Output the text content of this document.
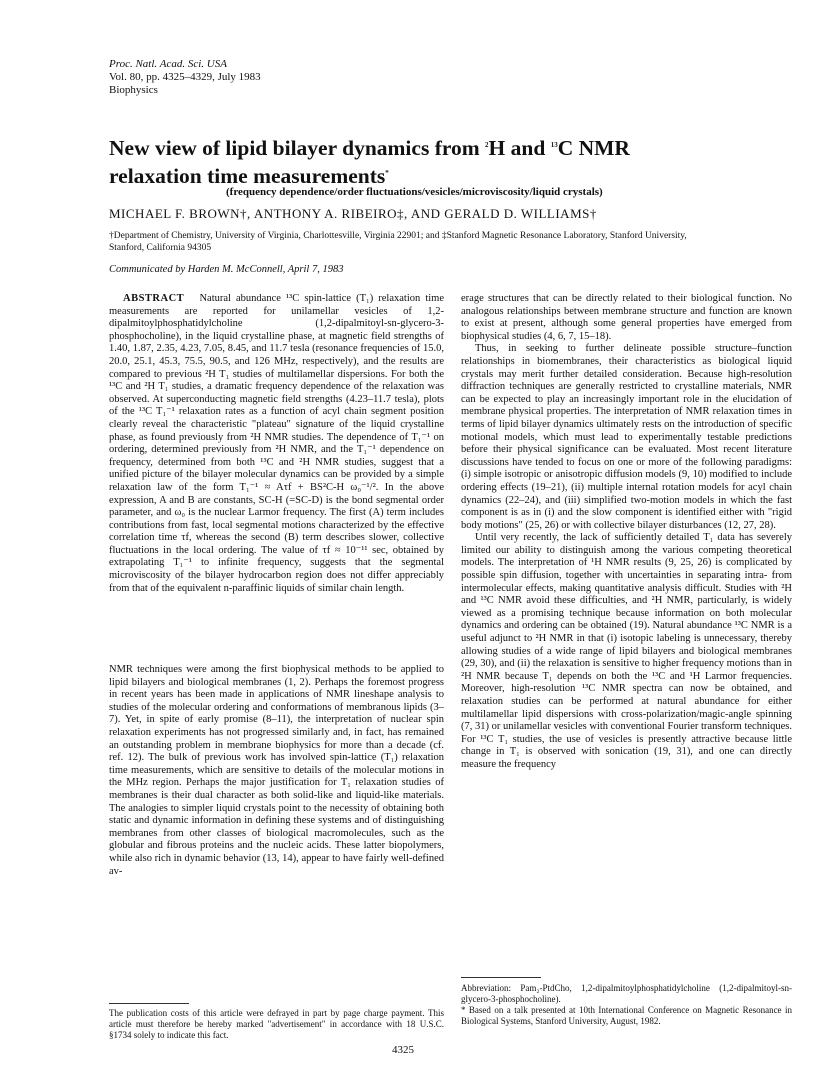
Proc. Natl. Acad. Sci. USA
Vol. 80, pp. 4325–4329, July 1983
Biophysics
New view of lipid bilayer dynamics from $^2$H and $^{13}$C NMR
relaxation time measurements*
(frequency dependence/order fluctuations/vesicles/microviscosity/liquid crystals)
MICHAEL F. BROWN†, ANTHONY A. RIBEIRO‡, AND GERALD D. WILLIAMS†
†Department of Chemistry, University of Virginia, Charlottesville, Virginia 22901; and ‡Stanford Magnetic Resonance Laboratory, Stanford University, Stanford, California 94305
Communicated by Harden M. McConnell, April 7, 1983

ABSTRACT Natural abundance ¹³C spin-lattice (T₁) relaxation time measurements are reported for unilamellar vesicles of 1,2-dipalmitoylphosphatidylcholine (1,2-dipalmitoyl-sn-glycero-3-phosphocholine), in the liquid crystalline phase, at magnetic field strengths of 1.40, 1.87, 2.35, 4.23, 7.05, 8.45, and 11.7 tesla (resonance frequencies of 15.0, 20.0, 25.1, 45.3, 75.5, 90.5, and 126 MHz, respectively), and the results are compared to previous ²H T₁ studies of multilamellar dispersions. For both the ¹³C and ²H T₁ studies, a dramatic frequency dependence of the relaxation was observed. At superconducting magnetic field strengths (4.23–11.7 tesla), plots of the ¹³C T₁⁻¹ relaxation rates as a function of acyl chain segment position clearly reveal the characteristic "plateau" signature of the liquid crystalline phase, as found previously from ²H NMR studies. The dependence of T₁⁻¹ on ordering, determined previously from ²H NMR, and the T₁⁻¹ dependence on frequency, determined from both ¹³C and ²H NMR studies, suggest that a unified picture of the bilayer molecular dynamics can be provided by a simple relaxation law of the form T₁⁻¹ ≈ Aτf + BS²C-H ω₀⁻¹/². In the above expression, A and B are constants, SC-H (=SC-D) is the bond segmental order parameter, and ω₀ is the nuclear Larmor frequency. The first (A) term includes contributions from fast, local segmental motions characterized by the effective correlation time τf, whereas the second (B) term describes slower, collective fluctuations in the local ordering. The value of τf ≈ 10⁻¹¹ sec, obtained by extrapolating T₁⁻¹ to infinite frequency, suggests that the segmental microviscosity of the bilayer hydrocarbon region does not differ appreciably from that of the equivalent n-paraffinic liquids of similar chain length.

NMR techniques were among the first biophysical methods to be applied to lipid bilayers and biological membranes (1, 2). Perhaps the foremost progress in recent years has been made in applications of NMR lineshape analysis to studies of the molecular ordering and conformations of membranous lipids (3–7). Yet, in spite of early promise (8–11), the interpretation of nuclear spin relaxation experiments has not progressed similarly and, in fact, has remained an outstanding problem in membrane biophysics for more than a decade (cf. ref. 12). The bulk of previous work has involved spin-lattice (T₁) relaxation time measurements, which are sensitive to details of the molecular motions in the MHz region. Perhaps the major justification for T₁ relaxation studies of membranes is their dual character as both solid-like and liquid-like materials. The analogies to simpler liquid crystals point to the necessity of obtaining both static and dynamic information in defining these systems and of distinguishing membranes from other classes of biological macromolecules, such as the globular and fibrous proteins and the nucleic acids. These latter biopolymers, while also rich in dynamic behavior (13, 14), appear to have fairly well-defined av-

erage structures that can be directly related to their biological function. No analogous relationships between membrane structure and function are known to exist at present, although some general properties have emerged from biophysical studies (4, 6, 7, 15–18).

Thus, in seeking to further delineate possible structure–function relationships in biomembranes, their characteristics as biological liquid crystals may merit further detailed consideration. Because high-resolution diffraction techniques are generally restricted to crystalline materials, NMR can be expected to play an increasingly important role in the elucidation of membrane physical properties. The interpretation of NMR relaxation times in terms of lipid bilayer dynamics ultimately rests on the introduction of specific motional models, which must lead to experimentally testable predictions before their physical significance can be evaluated. Most recent literature discussions have tended to focus on one or more of the following paradigms: (i) simple isotropic or anisotropic diffusion models (9, 10) modified to include ordering effects (19–21), (ii) multiple internal rotation models for acyl chain dynamics (22–24), and (iii) simplified two-motion models in which the fast component is as in (i) and the slow component is identified either with "rigid body motions" (25, 26) or with collective bilayer disturbances (12, 27, 28).

Until very recently, the lack of sufficiently detailed T₁ data has severely limited our ability to distinguish among the various competing theoretical models. The interpretation of ¹H NMR results (9, 25, 26) is complicated by possible spin diffusion, together with uncertainties in separating intra- from intermolecular effects, making quantitative analysis difficult. Studies with ²H and ¹³C NMR avoid these difficulties, and ²H NMR, particularly, is widely viewed as a promising technique because information on both molecular dynamics and ordering can be obtained (19). Natural abundance ¹³C NMR is a useful adjunct to ²H NMR in that (i) isotopic labeling is unnecessary, thereby allowing studies of a wide range of lipid bilayers and biological membranes (29, 30), and (ii) the relaxation is sensitive to higher frequency motions than in ²H NMR because T₁ depends on both the ¹³C and ¹H Larmor frequencies. Moreover, high-resolution ¹³C NMR spectra can now be obtained, and relaxation studies can be performed at natural abundance for either multilamellar lipid dispersions with cross-polarization/magic-angle spinning (7, 31) or unilamellar vesicles with conventional Fourier transform techniques. For ¹³C T₁ studies, the use of vesicles is presently attractive because little change in T₁ is observed with sonication (19, 31), and one can directly measure the frequency

Abbreviation: Pam₂-PtdCho, 1,2-dipalmitoylphosphatidylcholine (1,2-dipalmitoyl-sn-glycero-3-phosphocholine).
* Based on a talk presented at 10th International Conference on Magnetic Resonance in Biological Systems, Stanford University, August, 1982.
The publication costs of this article were defrayed in part by page charge payment. This article must therefore be hereby marked "advertisement" in accordance with 18 U.S.C. §1734 solely to indicate this fact.
4325
